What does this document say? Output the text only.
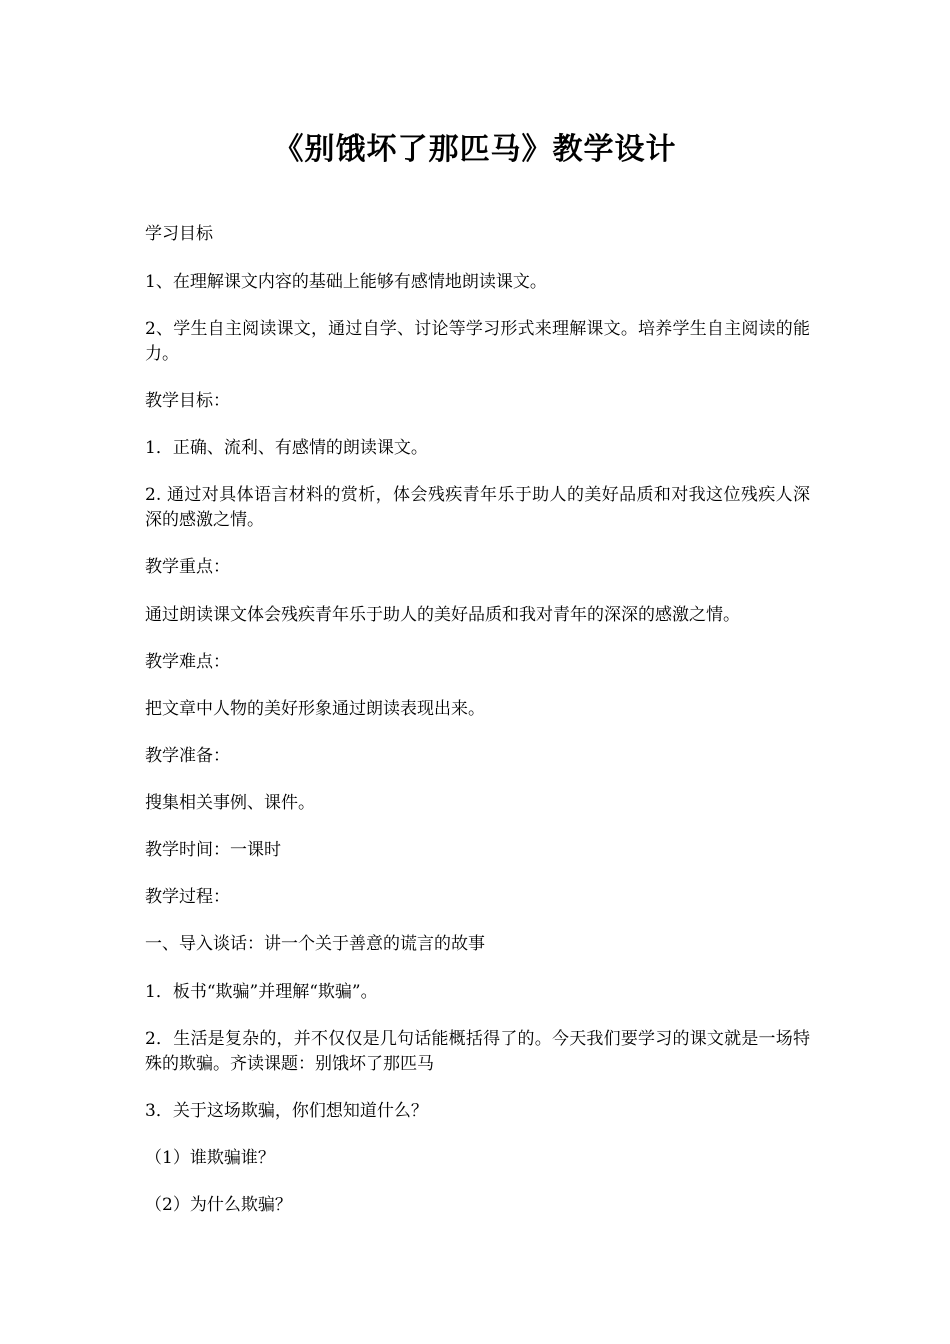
《别饿坏了那匹马》教学设计
学习目标
1、在理解课文内容的基础上能够有感情地朗读课文。
2、学生自主阅读课文，通过自学、讨论等学习形式来理解课文。培养学生自主阅读的能力。
教学目标：
1．正确、流利、有感情的朗读课文。
2. 通过对具体语言材料的赏析，体会残疾青年乐于助人的美好品质和对我这位残疾人深深的感激之情。
教学重点：
通过朗读课文体会残疾青年乐于助人的美好品质和我对青年的深深的感激之情。
教学难点：
把文章中人物的美好形象通过朗读表现出来。
教学准备：
搜集相关事例、课件。
教学时间：一课时
教学过程：
一、导入谈话：讲一个关于善意的谎言的故事
1．板书“欺骗”并理解“欺骗”。
2．生活是复杂的，并不仅仅是几句话能概括得了的。今天我们要学习的课文就是一场特殊的欺骗。齐读课题：别饿坏了那匹马
3．关于这场欺骗，你们想知道什么？
（1）谁欺骗谁？
（2）为什么欺骗？
